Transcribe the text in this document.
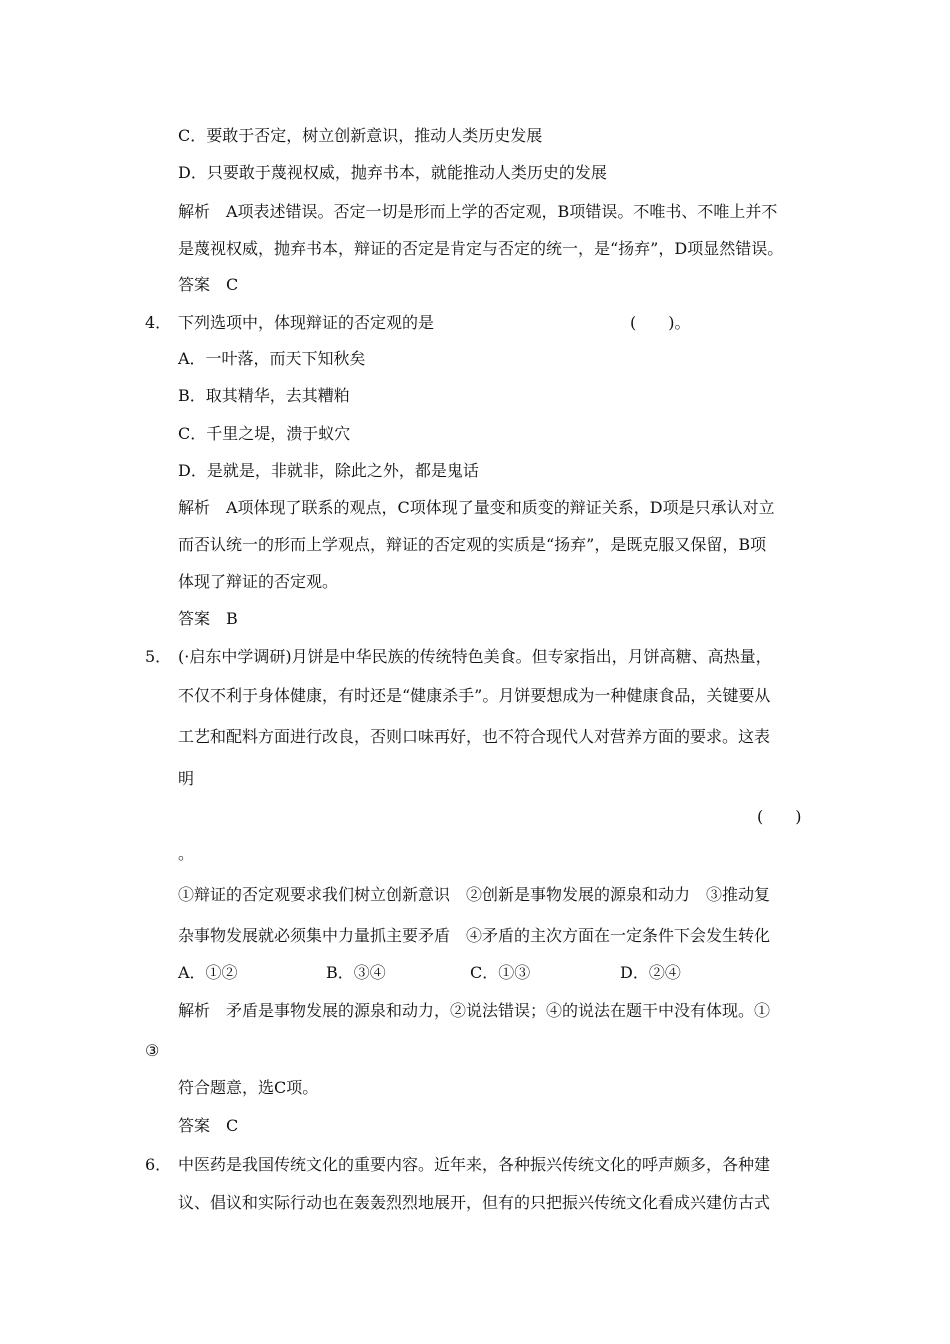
C．要敢于否定，树立创新意识，推动人类历史发展
D．只要敢于蔑视权威，抛弃书本，就能推动人类历史的发展
解析　A项表述错误。否定一切是形而上学的否定观，B项错误。不唯书、不唯上并不
是蔑视权威，抛弃书本，辩证的否定是肯定与否定的统一，是“扬弃”，D项显然错误。
答案　C
4． 下列选项中，体现辩证的否定观的是	(　　)。
A．一叶落，而天下知秋矣
B．取其精华，去其糟粕
C．千里之堤，溃于蚁穴
D．是就是，非就非，除此之外，都是鬼话
解析　A项体现了联系的观点，C项体现了量变和质变的辩证关系，D项是只承认对立
而否认统一的形而上学观点，辩证的否定观的实质是“扬弃”，是既克服又保留，B项
体现了辩证的否定观。
答案　B
5． (·启东中学调研)月饼是中华民族的传统特色美食。但专家指出，月饼高糖、高热量，
不仅不利于身体健康，有时还是“健康杀手”。月饼要想成为一种健康食品，关键要从
工艺和配料方面进行改良，否则口味再好，也不符合现代人对营养方面的要求。这表
明
(　　)
。
①辩证的否定观要求我们树立创新意识　②创新是事物发展的源泉和动力　③推动复
杂事物发展就必须集中力量抓主要矛盾　④矛盾的主次方面在一定条件下会发生转化
A．①②	B．③④	C．①③	D．②④
解析　矛盾是事物发展的源泉和动力，②说法错误；④的说法在题干中没有体现。①
③
符合题意，选C项。
答案　C
6． 中医药是我国传统文化的重要内容。近年来，各种振兴传统文化的呼声颇多，各种建
议、倡议和实际行动也在轰轰烈烈地展开，但有的只把振兴传统文化看成兴建仿古式
